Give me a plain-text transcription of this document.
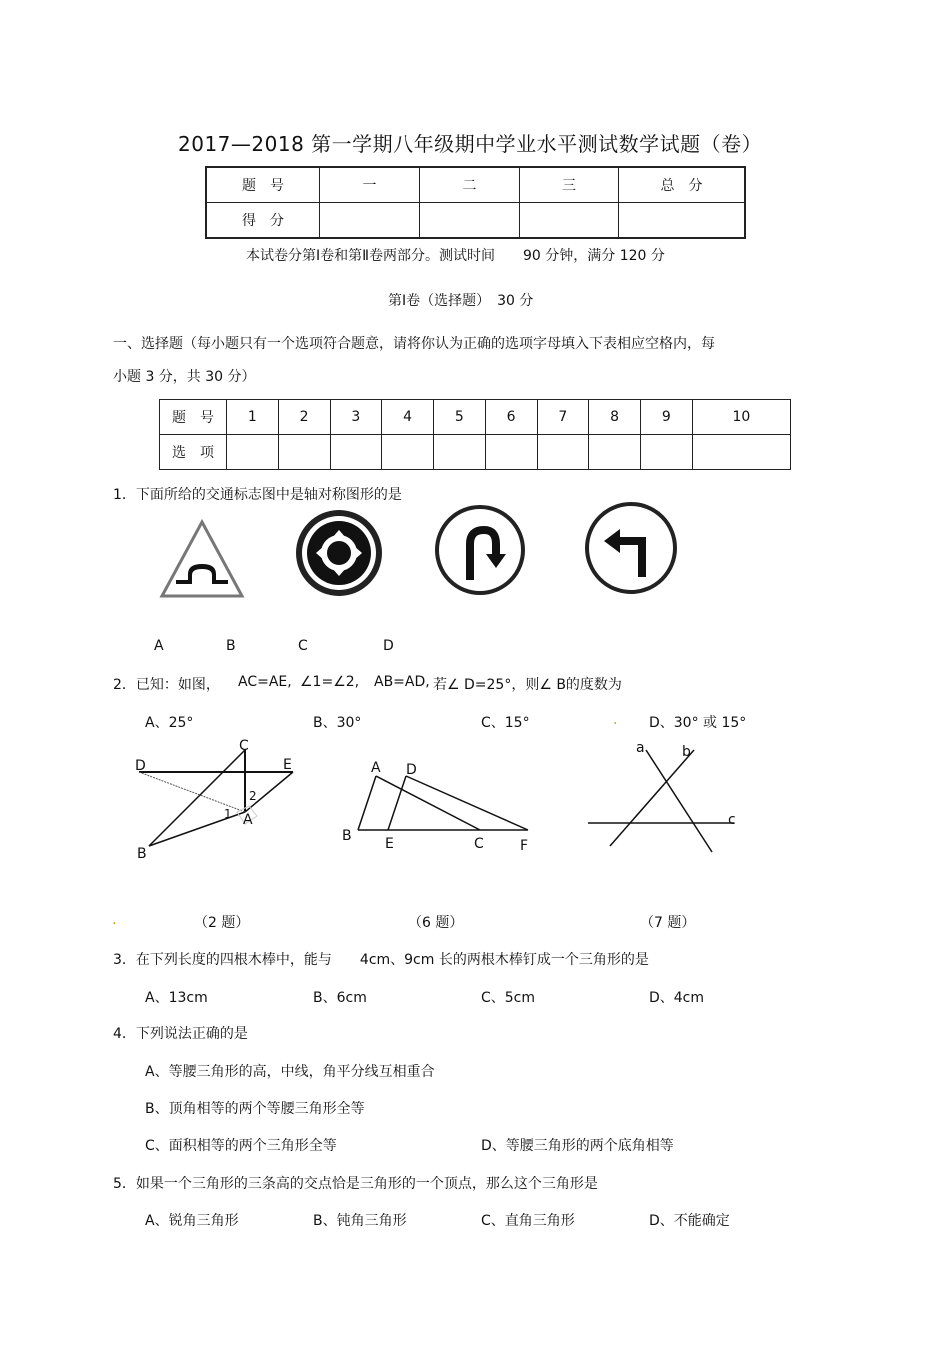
2017—2018 第一学期八年级期中学业水平测试数学试题（卷）
题　号	一	二	三	总　分
得　分				
本试卷分第Ⅰ卷和第Ⅱ卷两部分。测试时间　　90 分钟，满分 120 分
第Ⅰ卷（选择题）　30 分
一、选择题（每小题只有一个选项符合题意，请将你认为正确的选项字母填入下表相应空格内，每
小题 3 分，共 30 分）
题　号	1	2	3	4	5	6	7	8	9	10
选　项										
1．下面所给的交通标志图中是轴对称图形的是
A	B	C	D
2．已知：如图， AC=AE, ∠1=∠2, AB=AD, 若∠ D=25°，则∠ B的度数为
A、25°	B、30°	C、15°	. D、30° 或 15°
C
D	E
2
1 A
B
A D
B E	C	F
a	b
c
.	（2 题）	（6 题）	（7 题）
3．在下列长度的四根木棒中，能与　　4cm、9cm 长的两根木棒钉成一个三角形的是
A、13cm	B、6cm	C、5cm	D、4cm
4．下列说法正确的是
A、等腰三角形的高，中线，角平分线互相重合
B、顶角相等的两个等腰三角形全等
C、面积相等的两个三角形全等	D、等腰三角形的两个底角相等
5．如果一个三角形的三条高的交点恰是三角形的一个顶点，那么这个三角形是
A、锐角三角形	B、钝角三角形	C、直角三角形	D、不能确定
